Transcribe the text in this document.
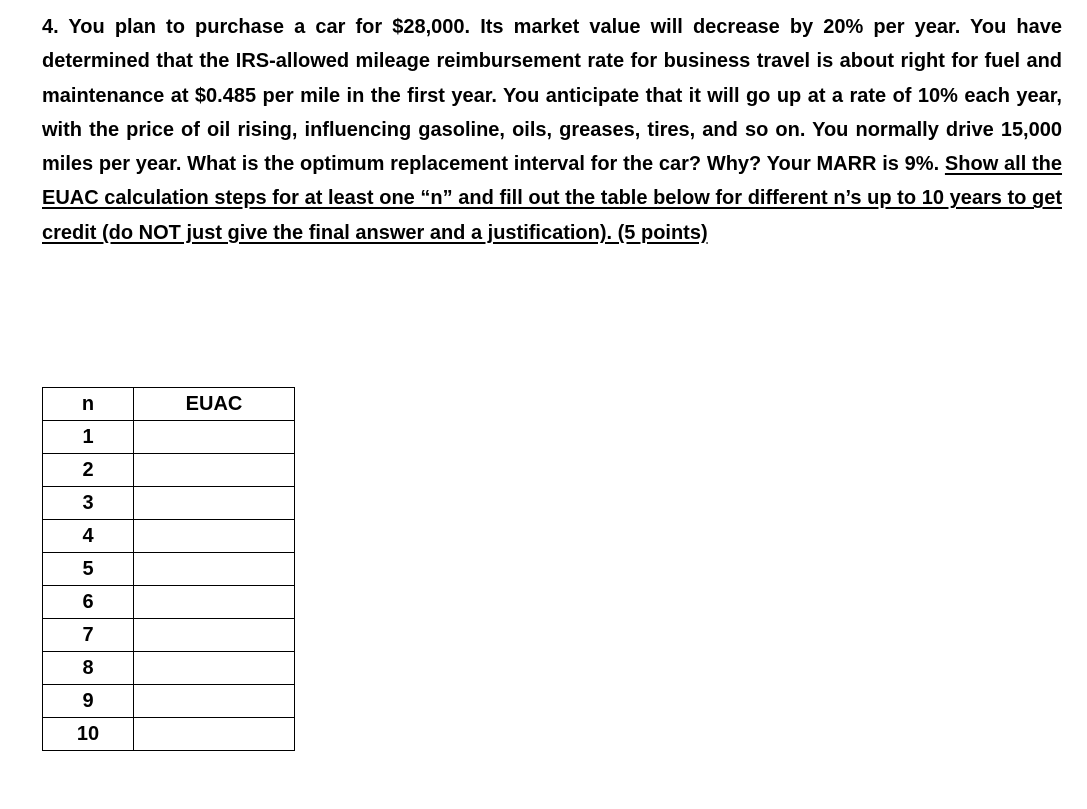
4. You plan to purchase a car for $28,000. Its market value will decrease by 20% per year. You have determined that the IRS-allowed mileage reimbursement rate for business travel is about right for fuel and maintenance at $0.485 per mile in the first year. You anticipate that it will go up at a rate of 10% each year, with the price of oil rising, influencing gasoline, oils, greases, tires, and so on. You normally drive 15,000 miles per year. What is the optimum replacement interval for the car? Why? Your MARR is 9%. Show all the EUAC calculation steps for at least one “n” and fill out the table below for different n’s up to 10 years to get credit (do NOT just give the final answer and a justification). (5 points)

n	EUAC
1	
2	
3	
4	
5	
6	
7	
8	
9	
10	
